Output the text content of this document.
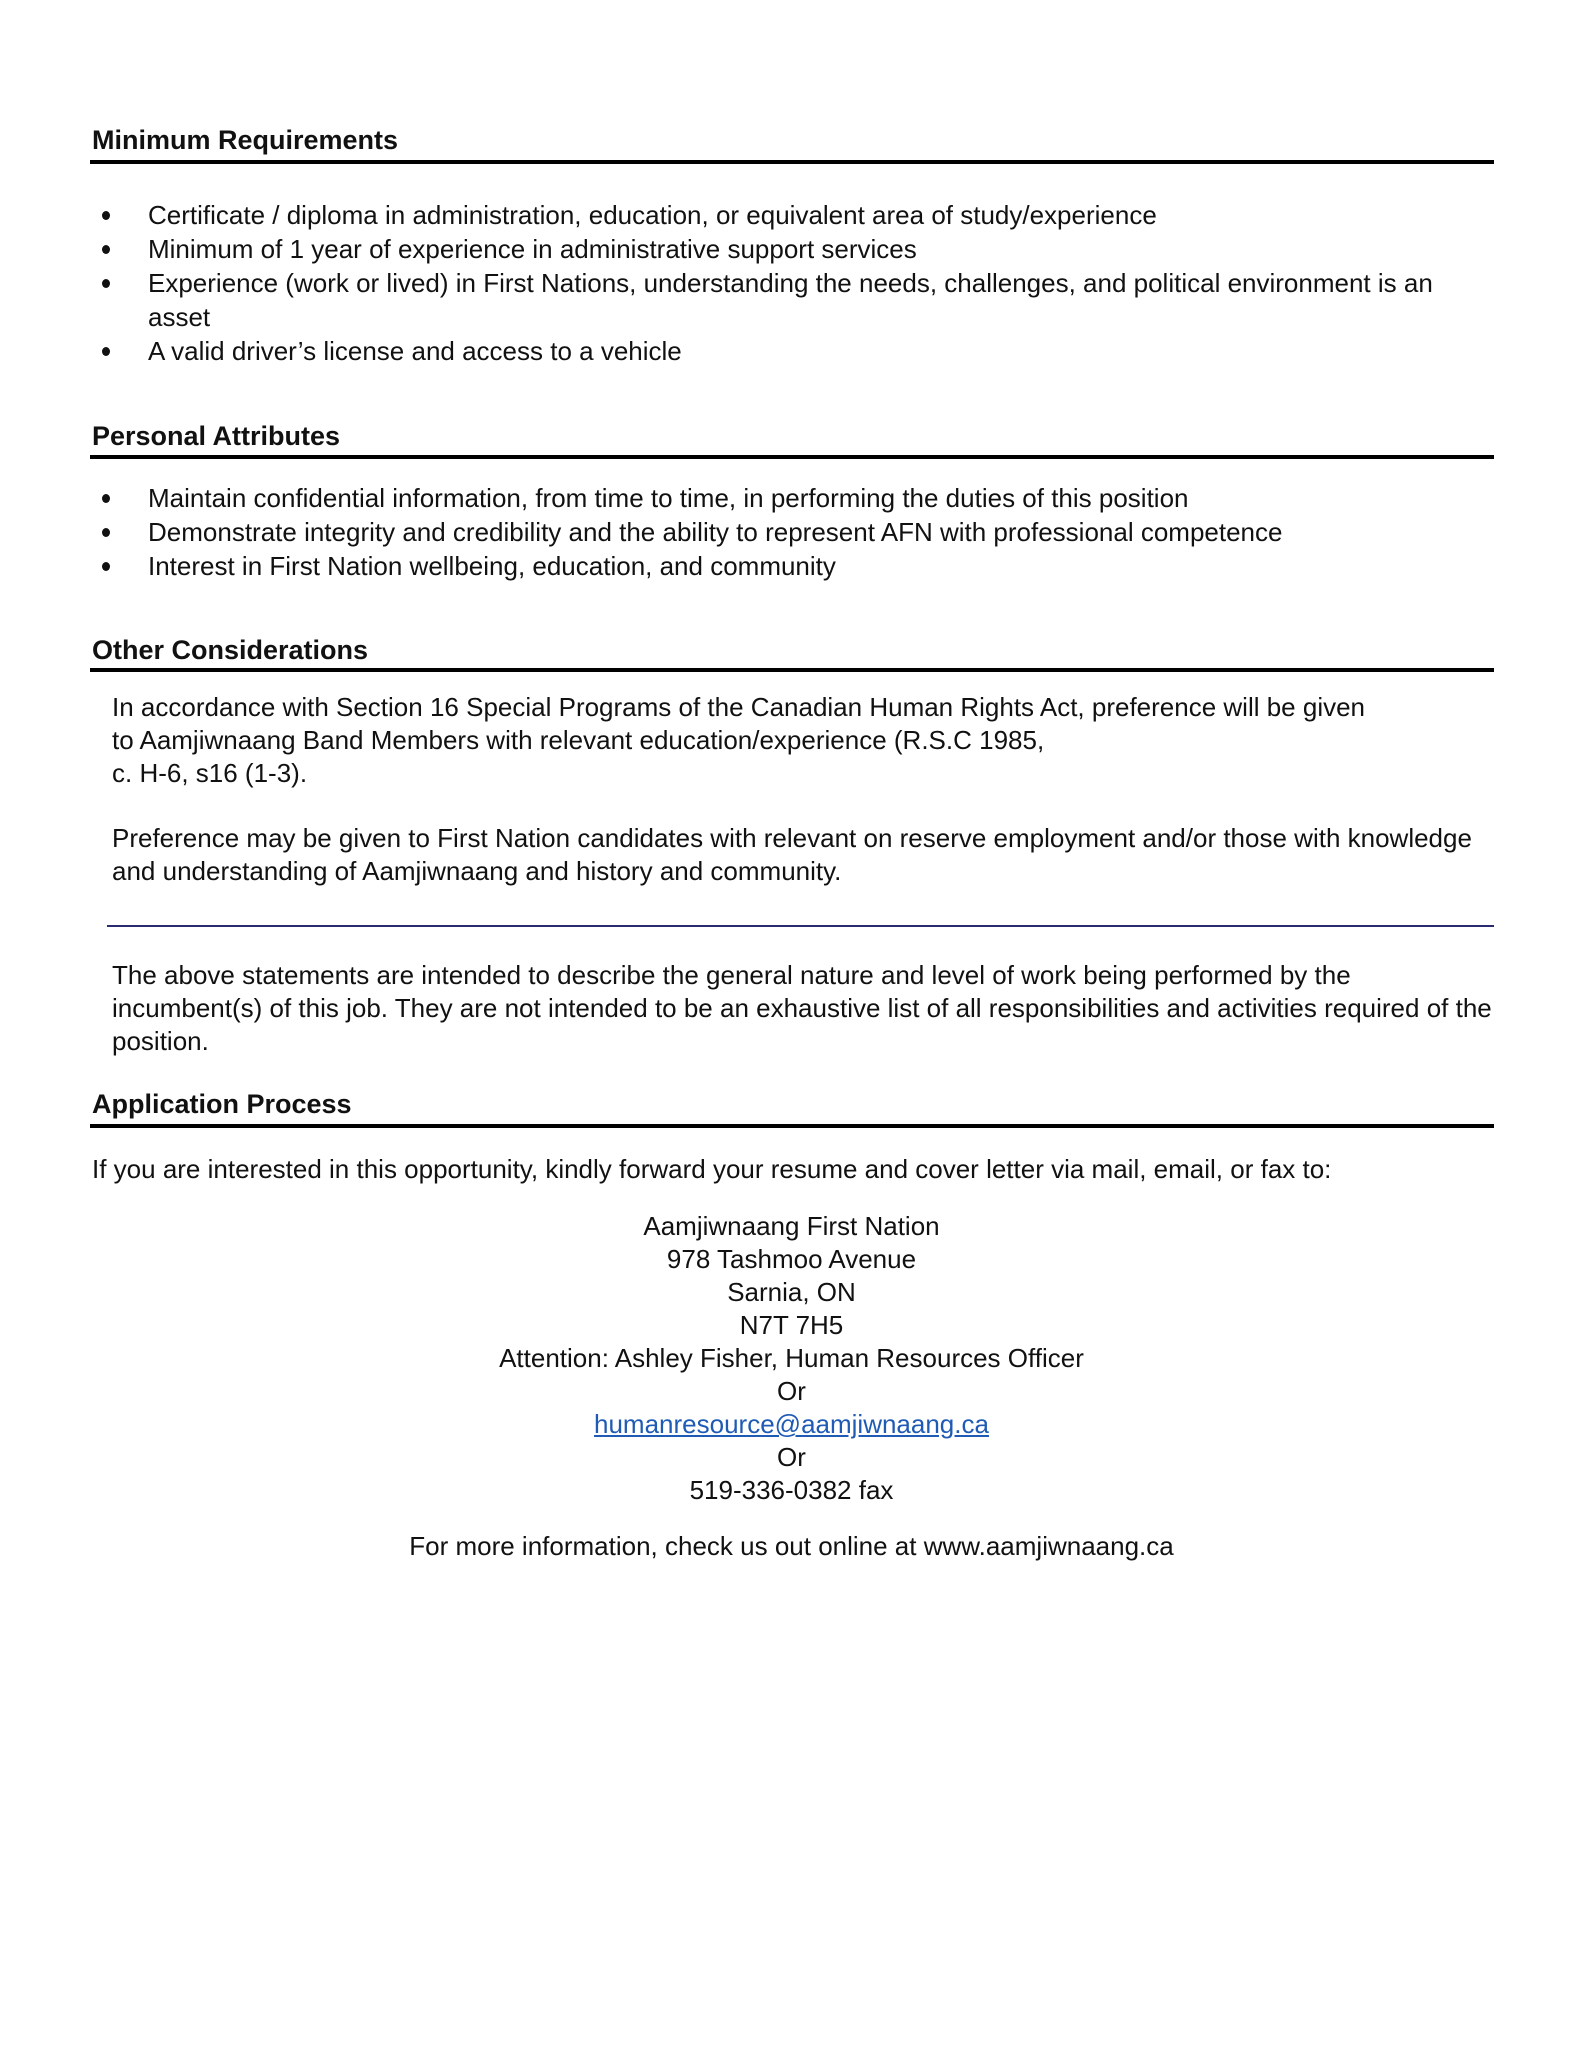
Minimum Requirements
Certificate / diploma in administration, education, or equivalent area of study/experience
Minimum of 1 year of experience in administrative support services
Experience (work or lived) in First Nations, understanding the needs, challenges, and political environment is an asset
A valid driver’s license and access to a vehicle
Personal Attributes
Maintain confidential information, from time to time, in performing the duties of this position
Demonstrate integrity and credibility and the ability to represent AFN with professional competence
Interest in First Nation wellbeing, education, and community
Other Considerations
In accordance with Section 16 Special Programs of the Canadian Human Rights Act, preference will be given
to Aamjiwnaang Band Members with relevant education/experience (R.S.C 1985,
c. H-6, s16 (1-3).

Preference may be given to First Nation candidates with relevant on reserve employment and/or those with knowledge and understanding of Aamjiwnaang and history and community.

The above statements are intended to describe the general nature and level of work being performed by the incumbent(s) of this job. They are not intended to be an exhaustive list of all responsibilities and activities required of the position.

Application Process

If you are interested in this opportunity, kindly forward your resume and cover letter via mail, email, or fax to:

Aamjiwnaang First Nation
978 Tashmoo Avenue
Sarnia, ON
N7T 7H5
Attention: Ashley Fisher, Human Resources Officer
Or
humanresource@aamjiwnaang.ca
Or
519-336-0382 fax
For more information, check us out online at www.aamjiwnaang.ca
